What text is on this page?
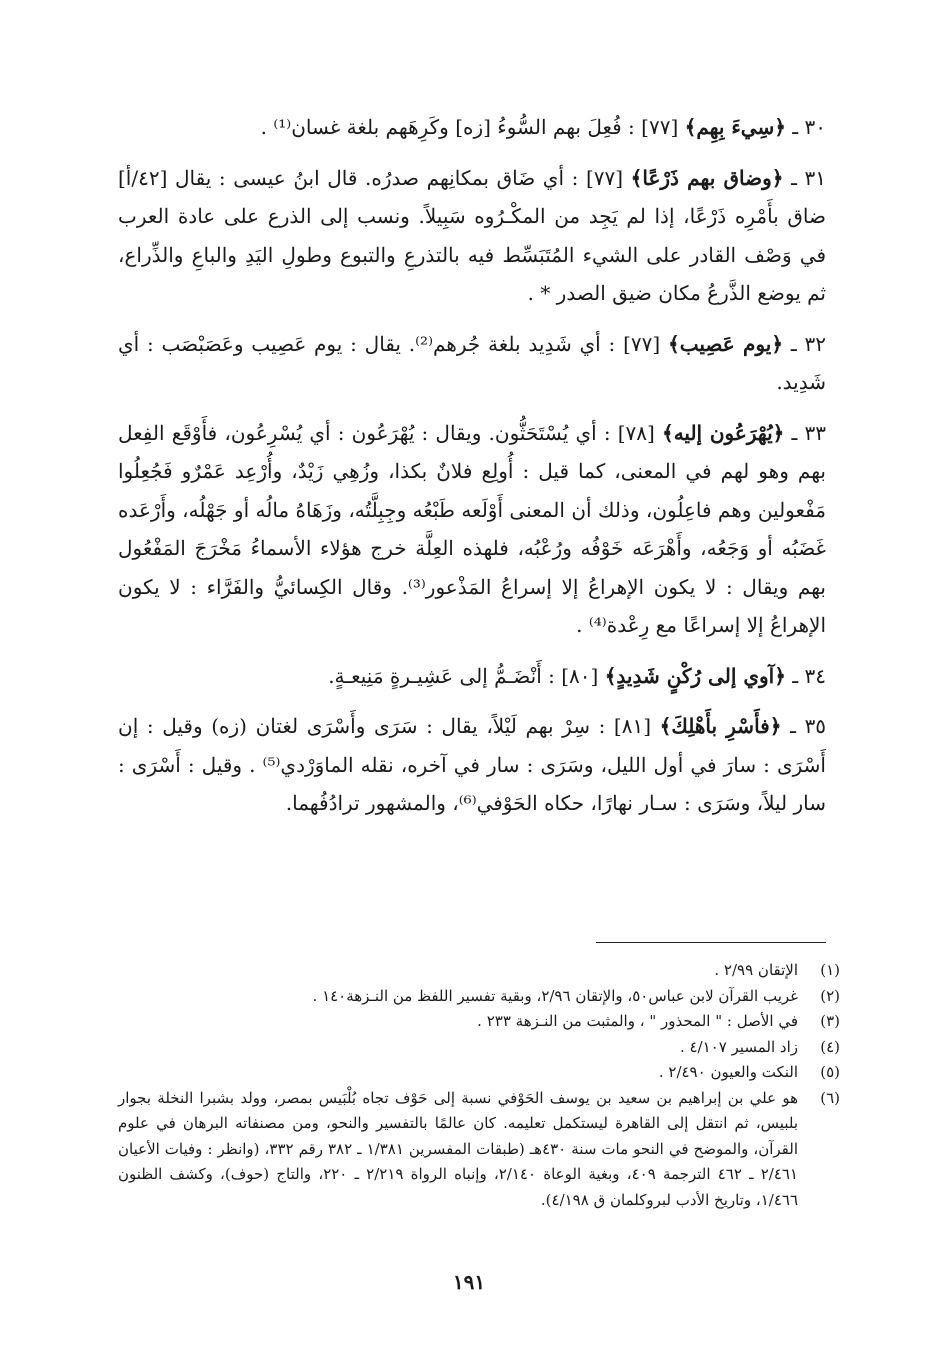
٣٠ ـ ﴿سِيءَ بِهِم﴾ [٧٧] : فُعِلَ بهم السُّوءُ [زه] وكَرِهَهم بلغة غسان⁽¹⁾ .

٣١ ـ ﴿وضاق بهم ذَرْعًا﴾ [٧٧] : أي ضَاق بمكانِهم صدرُه. قال ابنُ عيسى : يقال [٤٢/أ] ضاق بأَمْرِه ذَرْعًا، إذا لم يَجِد من المكْـرُوه سَبِيلاً. ونسب إلى الذرع على عادة العرب في وَصْف القادر على الشيء المُتَبَسِّط فيه بالتذرعِ والتبوع وطولِ اليَدِ والباعِ والذِّراع، ثم يوضع الذَّرعُ مكان ضيق الصدر * .

٣٢ ـ ﴿يوم عَصِيب﴾ [٧٧] : أي شَدِيد بلغة جُرهم⁽²⁾. يقال : يوم عَصِيب وعَصَبْصَب : أي شَدِيد.

٣٣ ـ ﴿يُهْرَعُون إليه﴾ [٧٨] : أي يُسْتَحَثُّون. ويقال : يُهْرَعُون : أي يُسْرِعُون، فأَوْقَع الفِعل بهم وهو لهم في المعنى، كما قيل : أُولِع فلانٌ بكذا، وزُهِي زَيْدٌ، وأُرْعِد عَمْرٌو فَجُعِلُوا مَفْعولين وهم فاعِلُون، وذلك أن المعنى أَوْلَعه طَبْعُه وجِبِلَّتُه، وزَهَاهُ مالُه أو جَهْلُه، وأَرْعَده غَضَبُه أو وَجَعُه، وأَهْرَعَه خَوْفُه ورُعْبُه، فلهذه العِلَّة خرج هؤلاء الأسماءُ مَخْرَجَ المَفْعُول بهم ويقال : لا يكون الإهراعُ إلا إسراعُ المَذْعور⁽³⁾. وقال الكِسائيُّ والفَرَّاء : لا يكون الإهراعُ إلا إسراعًا مع رِعْدة⁽⁴⁾ .

٣٤ ـ ﴿آوي إلى رُكْنٍ شَدِيدٍ﴾ [٨٠] : أَنْضَـمُّ إلى عَشِيـرةٍ مَنِيعـةٍ.

٣٥ ـ ﴿فأَسْرِ بأَهْلِكَ﴾ [٨١] : سِرْ بهم لَيْلاً، يقال : سَرَى وأَسْرَى لغتان (زه) وقيل : إن أَسْرَى : سارَ في أول الليل، وسَرَى : سار في آخره، نقله الماوَرْدي⁽⁵⁾ . وقيل : أَسْرَى : سار ليلاً، وسَرَى : سـار نهارًا، حكاه الحَوْفي⁽⁶⁾، والمشهور ترادُفُهما.

(١)
الإتقان ٢/٩٩ .
(٢)
غريب القرآن لابن عباس٥٠، والإتقان ٢/٩٦، وبقية تفسير اللفظ من النـزهة١٤٠ .
(٣)
في الأصل : " المحذور " ، والمثبت من النـزهة ٢٣٣ .
(٤)
زاد المسير ٤/١٠٧ .
(٥)
النكت والعيون ٢/٤٩٠ .
(٦)
هو علي بن إبراهيم بن سعيد بن يوسف الحَوْفي نسبة إلى حَوْف تجاه بُلْبَيس بمصر، وولد بشبرا النخلة بجوار بلبيس، ثم انتقل إلى القاهرة ليستكمل تعليمه. كان عالمًا بالتفسير والنحو، ومن مصنفاته البرهان في علوم القرآن، والموضح في النحو مات سنة ٤٣٠هـ (طبقات المفسرين ١/٣٨١ ـ ٣٨٢ رقم ٣٣٢، (وانظر : وفيات الأعيان ٢/٤٦١ ـ ٤٦٢ الترجمة ٤٠٩، وبغية الوعاة ٢/١٤٠، وإنباه الرواة ٢/٢١٩ ـ ٢٢٠، والتاج (حوف)، وكشف الظنون ١/٤٦٦، وتاريخ الأدب لبروكلمان ق ٤/١٩٨).
١٩١
